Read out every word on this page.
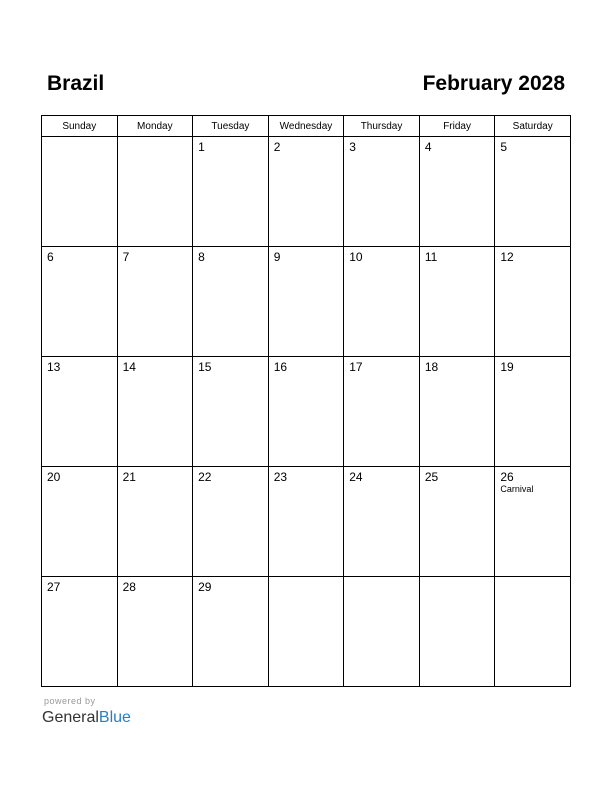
Brazil	February 2028
Sunday	Monday	Tuesday	Wednesday	Thursday	Friday	Saturday

		1	2	3	4	5

6	7	8	9	10	11	12

13	14	15	16	17	18	19

20	21	22	23	24	25	26
Carnival

27	28	29				

powered by
GeneralBlue
